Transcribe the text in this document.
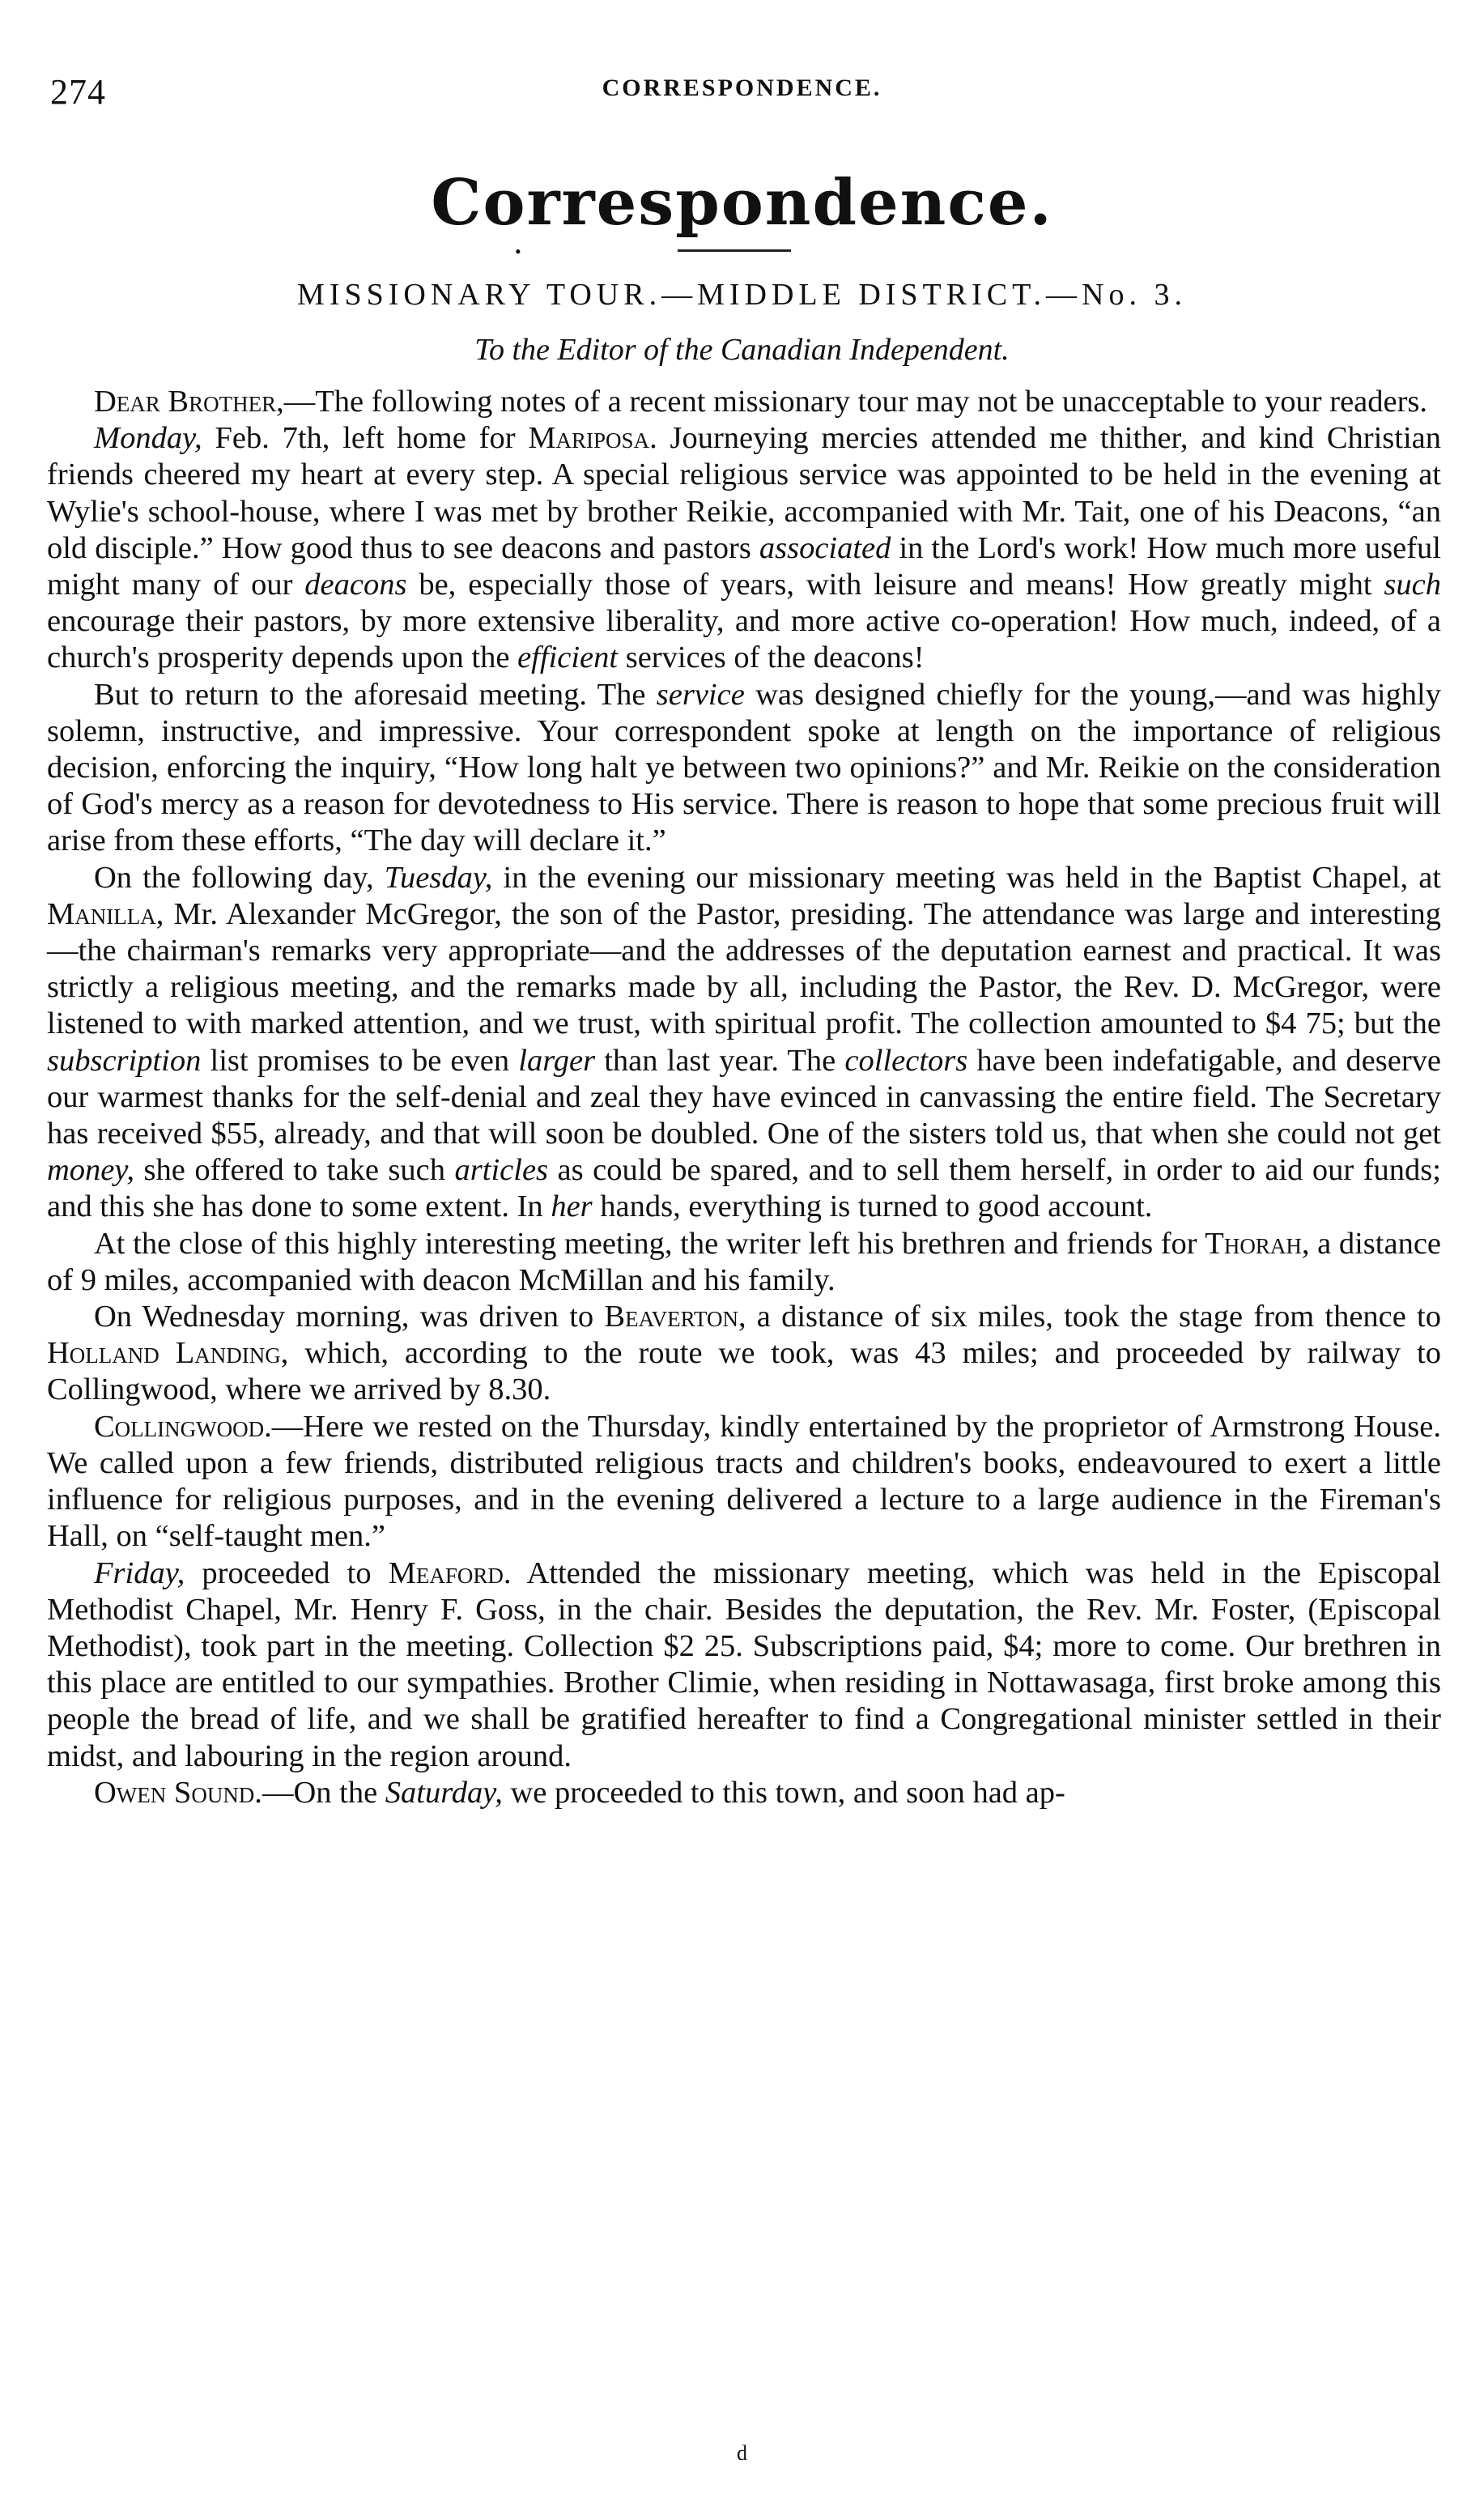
274	CORRESPONDENCE.
Correspondence.
•
MISSIONARY TOUR.—MIDDLE DISTRICT.—No. 3.
To the Editor of the Canadian Independent.

Dear Brother,—The following notes of a recent missionary tour may not be unacceptable to your readers.

Monday, Feb. 7th, left home for Mariposa. Journeying mercies attended me thither, and kind Christian friends cheered my heart at every step. A special religious service was appointed to be held in the evening at Wylie's school-house, where I was met by brother Reikie, accompanied with Mr. Tait, one of his Deacons, “an old disciple.” How good thus to see deacons and pastors associated in the Lord's work! How much more useful might many of our deacons be, especially those of years, with leisure and means! How greatly might such encourage their pastors, by more extensive liberality, and more active co-operation! How much, indeed, of a church's prosperity depends upon the efficient services of the deacons!

But to return to the aforesaid meeting. The service was designed chiefly for the young,—and was highly solemn, instructive, and impressive. Your correspondent spoke at length on the importance of religious decision, enforcing the inquiry, “How long halt ye between two opinions?” and Mr. Reikie on the consideration of God's mercy as a reason for devotedness to His service. There is reason to hope that some precious fruit will arise from these efforts, “The day will declare it.”

On the following day, Tuesday, in the evening our missionary meeting was held in the Baptist Chapel, at Manilla, Mr. Alexander McGregor, the son of the Pastor, presiding. The attendance was large and interesting—the chairman's remarks very appropriate—and the addresses of the deputation earnest and practical. It was strictly a religious meeting, and the remarks made by all, including the Pastor, the Rev. D. McGregor, were listened to with marked attention, and we trust, with spiritual profit. The collection amounted to $4 75; but the subscription list promises to be even larger than last year. The collectors have been indefatigable, and deserve our warmest thanks for the self-denial and zeal they have evinced in canvassing the entire field. The Secretary has received $55, already, and that will soon be doubled. One of the sisters told us, that when she could not get money, she offered to take such articles as could be spared, and to sell them herself, in order to aid our funds; and this she has done to some extent. In her hands, everything is turned to good account.

At the close of this highly interesting meeting, the writer left his brethren and friends for Thorah, a distance of 9 miles, accompanied with deacon McMillan and his family.

On Wednesday morning, was driven to Beaverton, a distance of six miles, took the stage from thence to Holland Landing, which, according to the route we took, was 43 miles; and proceeded by railway to Collingwood, where we arrived by 8.30.

Collingwood.—Here we rested on the Thursday, kindly entertained by the proprietor of Armstrong House. We called upon a few friends, distributed religious tracts and children's books, endeavoured to exert a little influence for religious purposes, and in the evening delivered a lecture to a large audience in the Fireman's Hall, on “self-taught men.”

Friday, proceeded to Meaford. Attended the missionary meeting, which was held in the Episcopal Methodist Chapel, Mr. Henry F. Goss, in the chair. Besides the deputation, the Rev. Mr. Foster, (Episcopal Methodist), took part in the meeting. Collection $2 25. Subscriptions paid, $4; more to come. Our brethren in this place are entitled to our sympathies. Brother Climie, when residing in Nottawasaga, first broke among this people the bread of life, and we shall be gratified hereafter to find a Congregational minister settled in their midst, and labouring in the region around.

Owen Sound.—On the Saturday, we proceeded to this town, and soon had ap-

d
